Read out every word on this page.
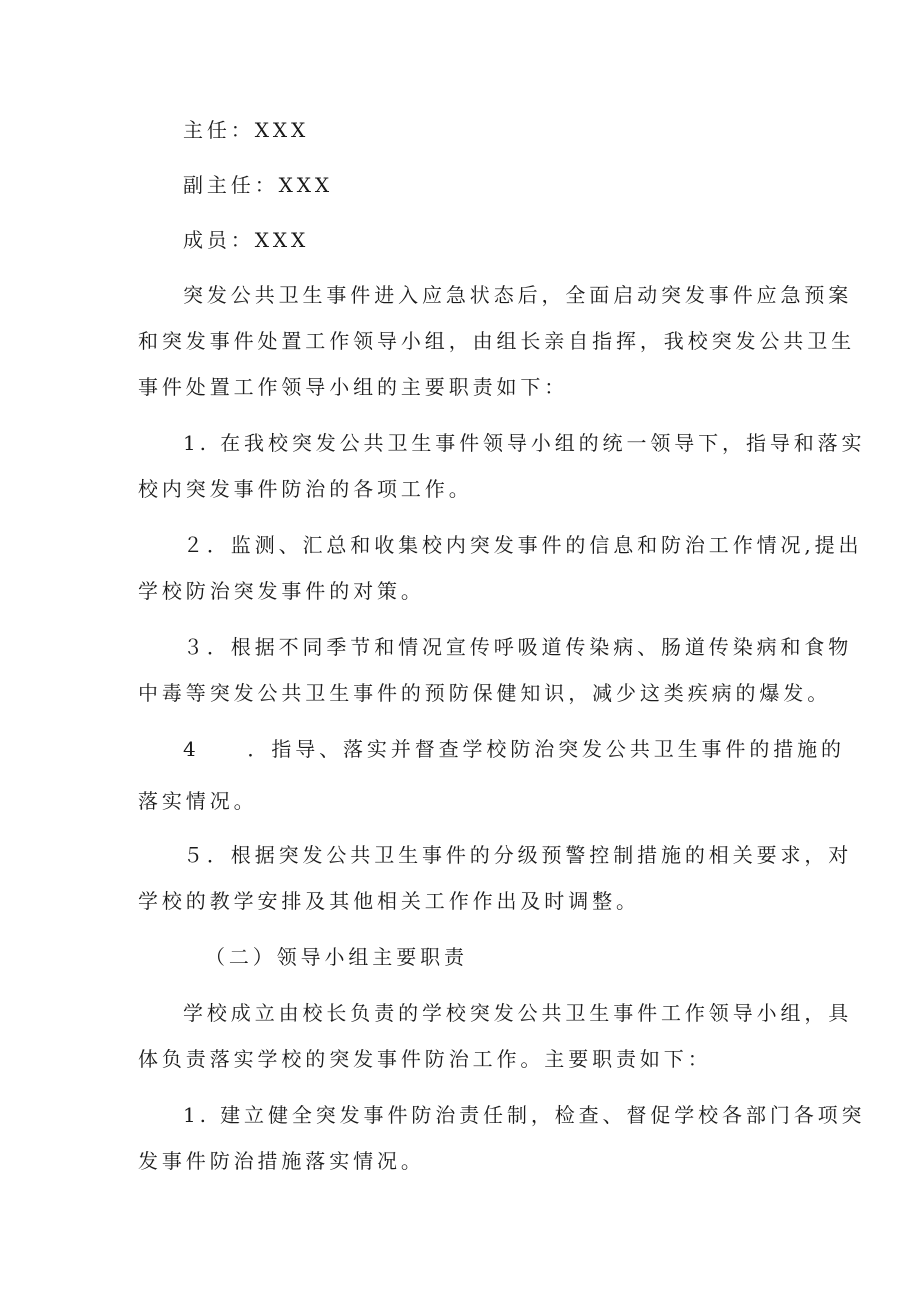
主任：XXX
副主任：XXX
成员：XXX
突发公共卫生事件进入应急状态后，全面启动突发事件应急预案
和突发事件处置工作领导小组，由组长亲自指挥，我校突发公共卫生
事件处置工作领导小组的主要职责如下：
1. 在我校突发公共卫生事件领导小组的统一领导下，指导和落实
校内突发事件防治的各项工作。
２．监测、汇总和收集校内突发事件的信息和防治工作情况,提出
学校防治突发事件的对策。
３．根据不同季节和情况宣传呼吸道传染病、肠道传染病和食物
中毒等突发公共卫生事件的预防保健知识，减少这类疾病的爆发。
4　　．指导、落实并督查学校防治突发公共卫生事件的措施的
落实情况。
５．根据突发公共卫生事件的分级预警控制措施的相关要求，对
学校的教学安排及其他相关工作作出及时调整。
（二）领导小组主要职责
学校成立由校长负责的学校突发公共卫生事件工作领导小组，具
体负责落实学校的突发事件防治工作。主要职责如下：
1. 建立健全突发事件防治责任制，检查、督促学校各部门各项突
发事件防治措施落实情况。
